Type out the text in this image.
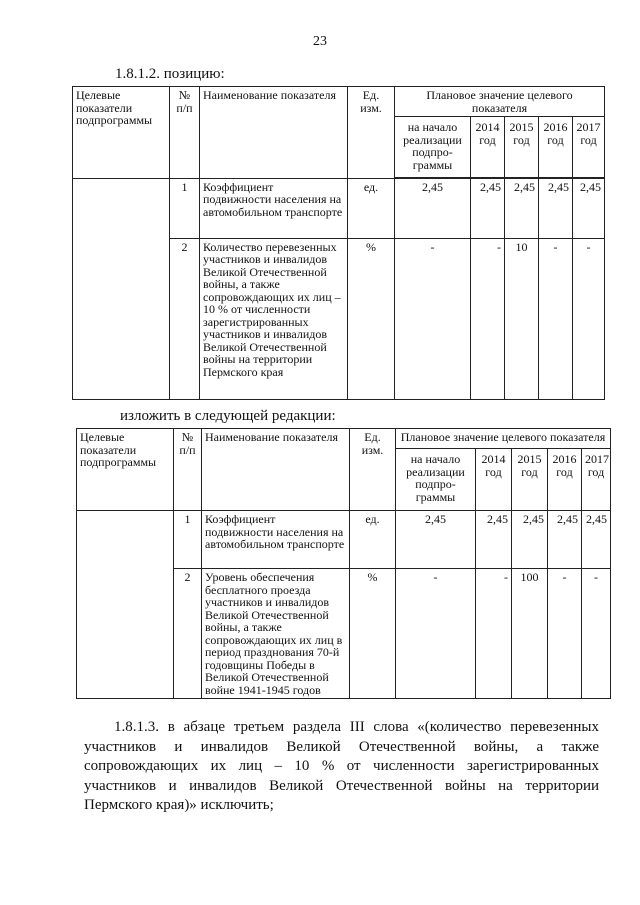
23
1.8.1.2. позицию:
Целевые показатели подпрограммы	№ п/п	Наименование показателя	Ед. изм.	Плановое значение целевого показателя				
				на начало реализации подпро-граммы	2014 год	2015 год	2016 год	2017 год

	1	Коэффициент подвижности населения на автомобильном транспорте	ед.	2,45	2,45	2,45	2,45	2,45
	2	Количество перевезенных участников и инвалидов Великой Отечественной войны, а также сопровождающих их лиц – 10 % от численности зарегистрированных участников и инвалидов Великой Отечественной войны на территории Пермского края	%	-	-	10	-	-
изложить в следующей редакции:
Целевые показатели подпрограммы	№ п/п	Наименование показателя	Ед. изм.	Плановое значение целевого показателя				
				на начало реализации подпро-граммы	2014 год	2015 год	2016 год	2017 год
	1	Коэффициент подвижности населения на автомобильном транспорте	ед.	2,45	2,45	2,45	2,45	2,45
	2	Уровень обеспечения бесплатного проезда участников и инвалидов Великой Отечественной войны, а также сопровождающих их лиц в период празднования 70-й годовщины Победы в Великой Отечественной войне 1941-1945 годов	%	-	-	100	-	-
1.8.1.3. в абзаце третьем раздела III слова «(количество перевезенных участников и инвалидов Великой Отечественной войны, а также сопровождающих их лиц – 10 % от численности зарегистрированных участников и инвалидов Великой Отечественной войны на территории Пермского края)» исключить;
